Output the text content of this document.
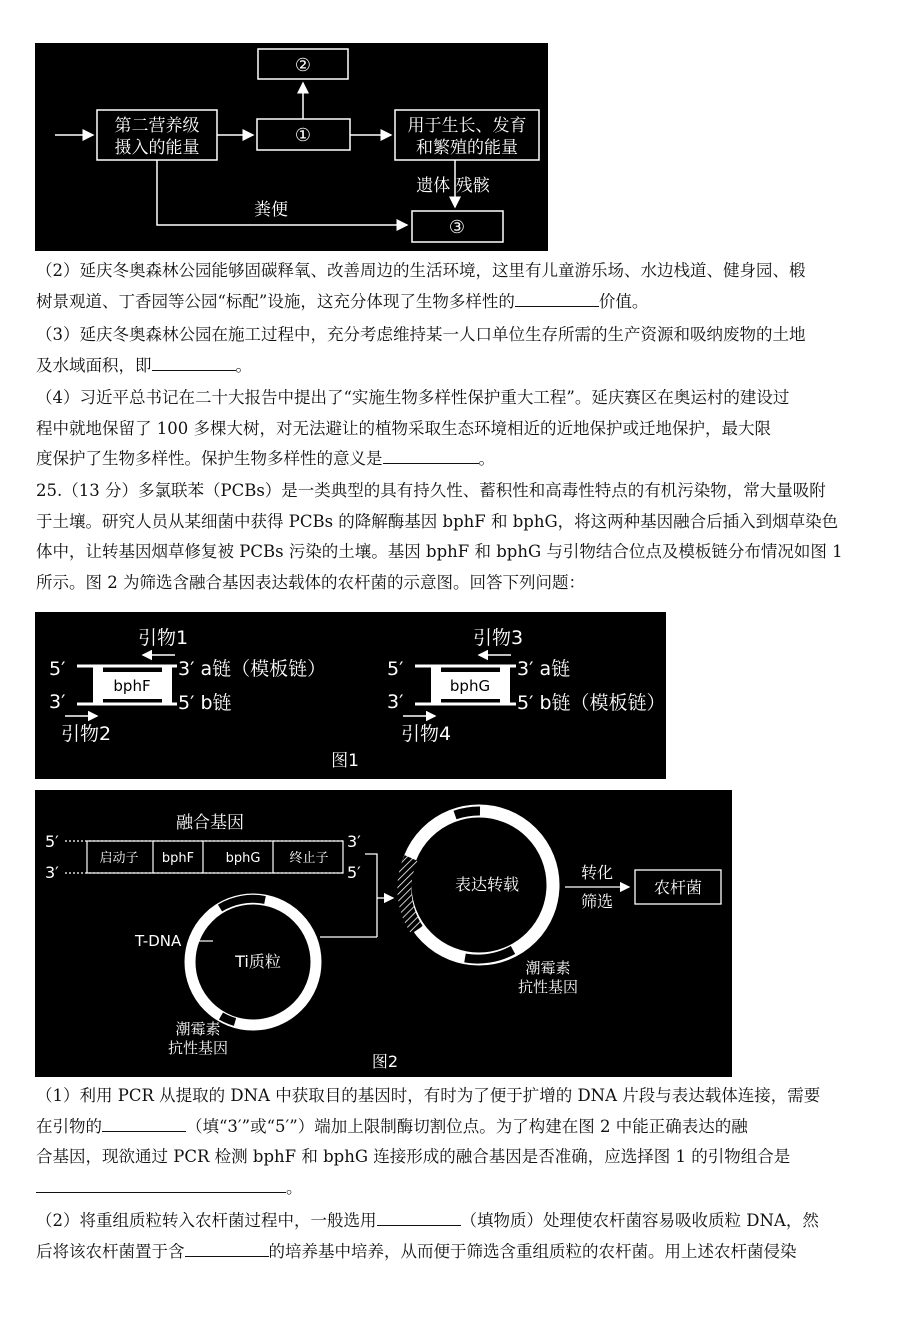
②
第二营养级
摄入的能量
①	用于生长、发育
和繁殖的能量
遗体 残骸
③
粪便

（2）延庆冬奥森林公园能够固碳释氧、改善周边的生活环境，这里有儿童游乐场、水边栈道、健身园、椴

树景观道、丁香园等公园“标配”设施，这充分体现了生物多样性的	价值。

（3）延庆冬奥森林公园在施工过程中，充分考虑维持某一人口单位生存所需的生产资源和吸纳废物的土地

及水域面积，即	。

（4）习近平总书记在二十大报告中提出了“实施生物多样性保护重大工程”。延庆赛区在奥运村的建设过

程中就地保留了 100 多棵大树，对无法避让的植物采取生态环境相近的近地保护或迁地保护，最大限

度保护了生物多样性。保护生物多样性的意义是	。

25.（13 分）多氯联苯（PCBs）是一类典型的具有持久性、蓄积性和高毒性特点的有机污染物，常大量吸附

于土壤。研究人员从某细菌中获得 PCBs 的降解酶基因 bphF 和 bphG，将这两种基因融合后插入到烟草染色

体中，让转基因烟草修复被 PCBs 污染的土壤。基因 bphF 和 bphG 与引物结合位点及模板链分布情况如图 1

所示。图 2 为筛选含融合基因表达载体的农杆菌的示意图。回答下列问题：

引物1
5′
3′
bphF
3′ a链（模板链）
5′ b链
引物2
引物3
5′
3′
bphG
3′ a链
5′ b链（模板链）
引物4
图1
融合基因
5′
3′
3′
5′
启动子 bphF bphG 终止子
Ti质粒
T-DNA
潮霉素
抗性基因
表达转载
潮霉素
抗性基因
转化
筛选
农杆菌
图2

（1）利用 PCR 从提取的 DNA 中获取目的基因时，有时为了便于扩增的 DNA 片段与表达载体连接，需要

在引物的	（填“3′”或“5′”）端加上限制酶切割位点。为了构建在图 2 中能正确表达的融

合基因，现欲通过 PCR 检测 bphF 和 bphG 连接形成的融合基因是否准确，应选择图 1 的引物组合是

。

（2）将重组质粒转入农杆菌过程中，一般选用	（填物质）处理使农杆菌容易吸收质粒 DNA，然

后将该农杆菌置于含	的培养基中培养，从而便于筛选含重组质粒的农杆菌。用上述农杆菌侵染
